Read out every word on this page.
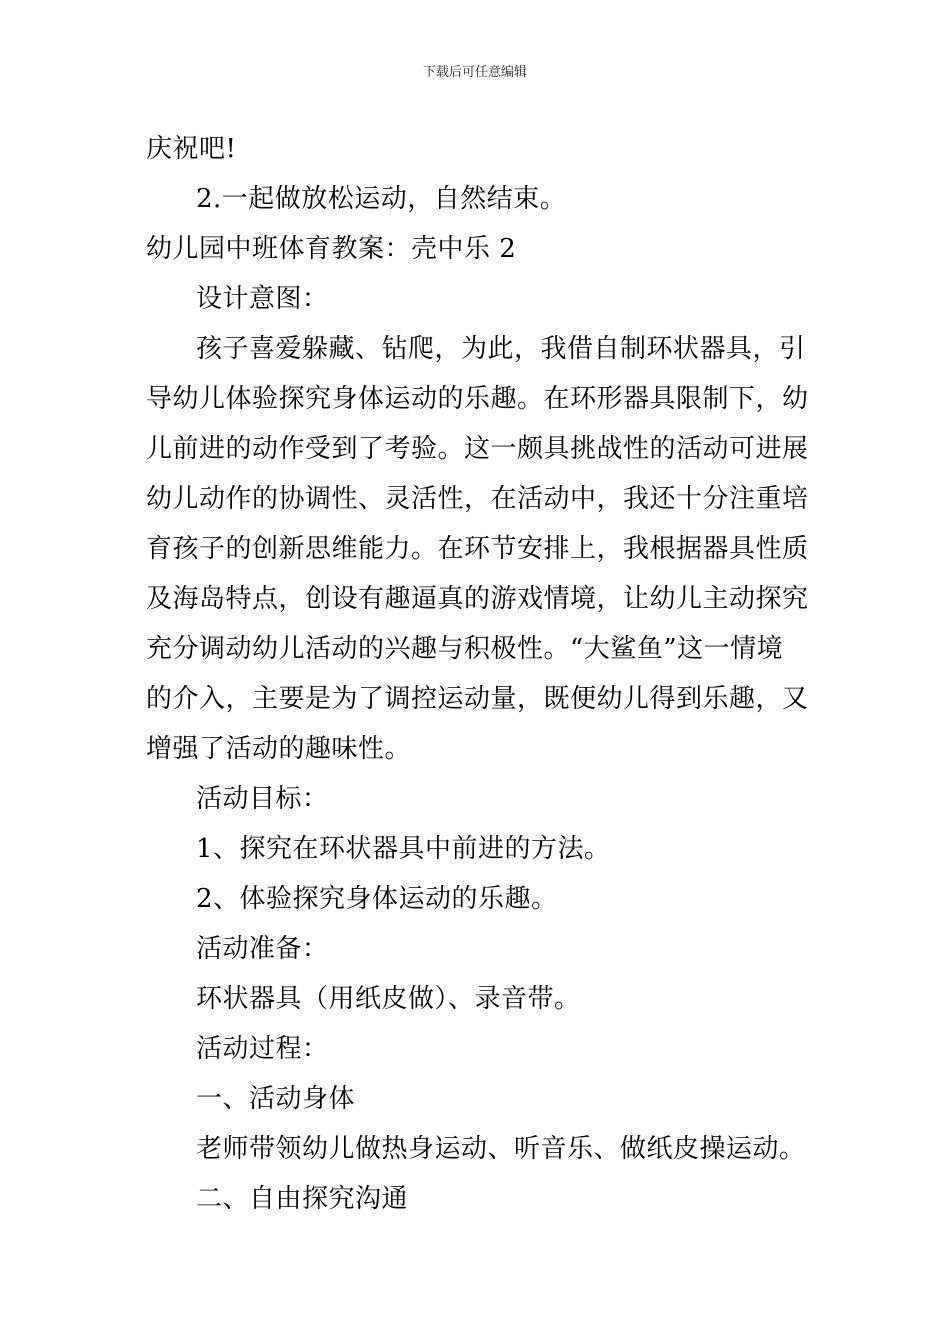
下载后可任意编辑
庆祝吧!
2.一起做放松运动，自然结束。
幼儿园中班体育教案：壳中乐 2
设计意图：
孩子喜爱躲藏、钻爬，为此，我借自制环状器具，引
导幼儿体验探究身体运动的乐趣。在环形器具限制下，幼
儿前进的动作受到了考验。这一颇具挑战性的活动可进展
幼儿动作的协调性、灵活性，在活动中，我还十分注重培
育孩子的创新思维能力。在环节安排上，我根据器具性质
及海岛特点，创设有趣逼真的游戏情境，让幼儿主动探究
充分调动幼儿活动的兴趣与积极性。“大鲨鱼”这一情境
的介入，主要是为了调控运动量，既便幼儿得到乐趣，又
增强了活动的趣味性。
活动目标：
1、探究在环状器具中前进的方法。
2、体验探究身体运动的乐趣。
活动准备：
环状器具（用纸皮做）、录音带。
活动过程：
一、活动身体
老师带领幼儿做热身运动、听音乐、做纸皮操运动。
二、自由探究沟通
